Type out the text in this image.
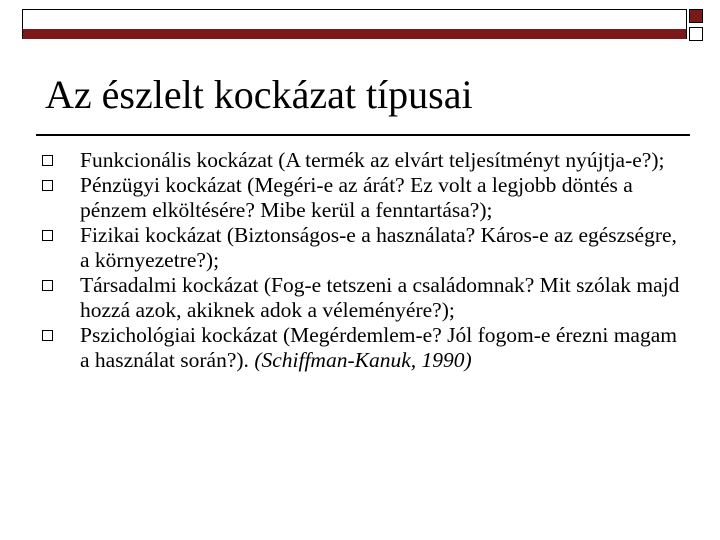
Az észlelt kockázat típusai
Funkcionális kockázat (A termék az elvárt teljesítményt nyújtja-e?);
Pénzügyi kockázat (Megéri-e az árát? Ez volt a legjobb döntés a pénzem elköltésére? Mibe kerül a fenntartása?);
Fizikai kockázat (Biztonságos-e a használata? Káros-e az egészségre, a környezetre?);
Társadalmi kockázat (Fog-e tetszeni a családomnak? Mit szólak majd hozzá azok, akiknek adok a véleményére?);
Pszichológiai kockázat (Megérdemlem-e? Jól fogom-e érezni magam a használat során?). (Schiffman-Kanuk, 1990)
